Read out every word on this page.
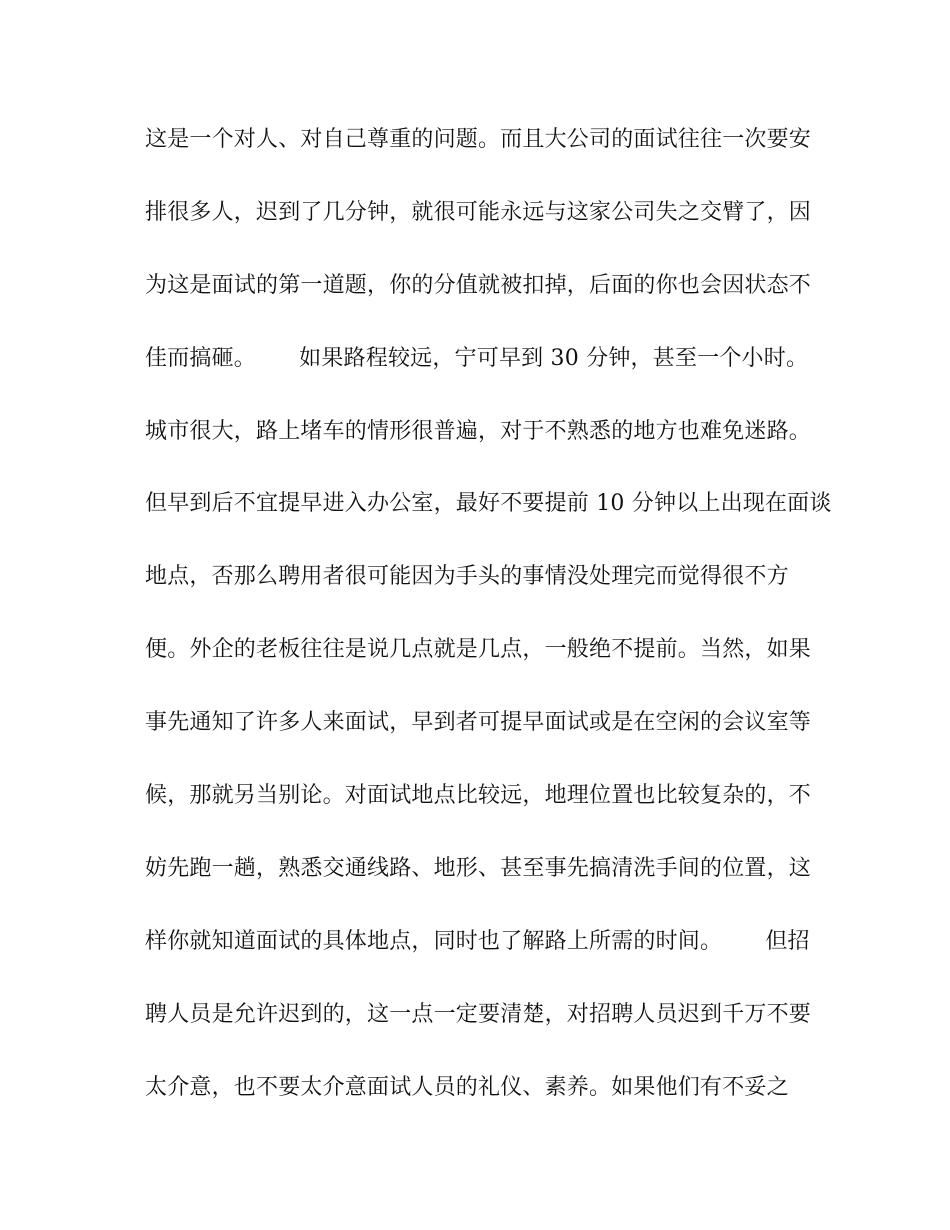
这是一个对人、对自己尊重的问题。而且大公司的面试往往一次要安
排很多人，迟到了几分钟，就很可能永远与这家公司失之交臂了，因
为这是面试的第一道题，你的分值就被扣掉，后面的你也会因状态不
佳而搞砸。      如果路程较远，宁可早到 30 分钟，甚至一个小时。
城市很大，路上堵车的情形很普遍，对于不熟悉的地方也难免迷路。
但早到后不宜提早进入办公室，最好不要提前 10 分钟以上出现在面谈
地点，否那么聘用者很可能因为手头的事情没处理完而觉得很不方
便。外企的老板往往是说几点就是几点，一般绝不提前。当然，如果
事先通知了许多人来面试，早到者可提早面试或是在空闲的会议室等
候，那就另当别论。对面试地点比较远，地理位置也比较复杂的，不
妨先跑一趟，熟悉交通线路、地形、甚至事先搞清洗手间的位置，这
样你就知道面试的具体地点，同时也了解路上所需的时间。      但招
聘人员是允许迟到的，这一点一定要清楚，对招聘人员迟到千万不要
太介意，也不要太介意面试人员的礼仪、素养。如果他们有不妥之
